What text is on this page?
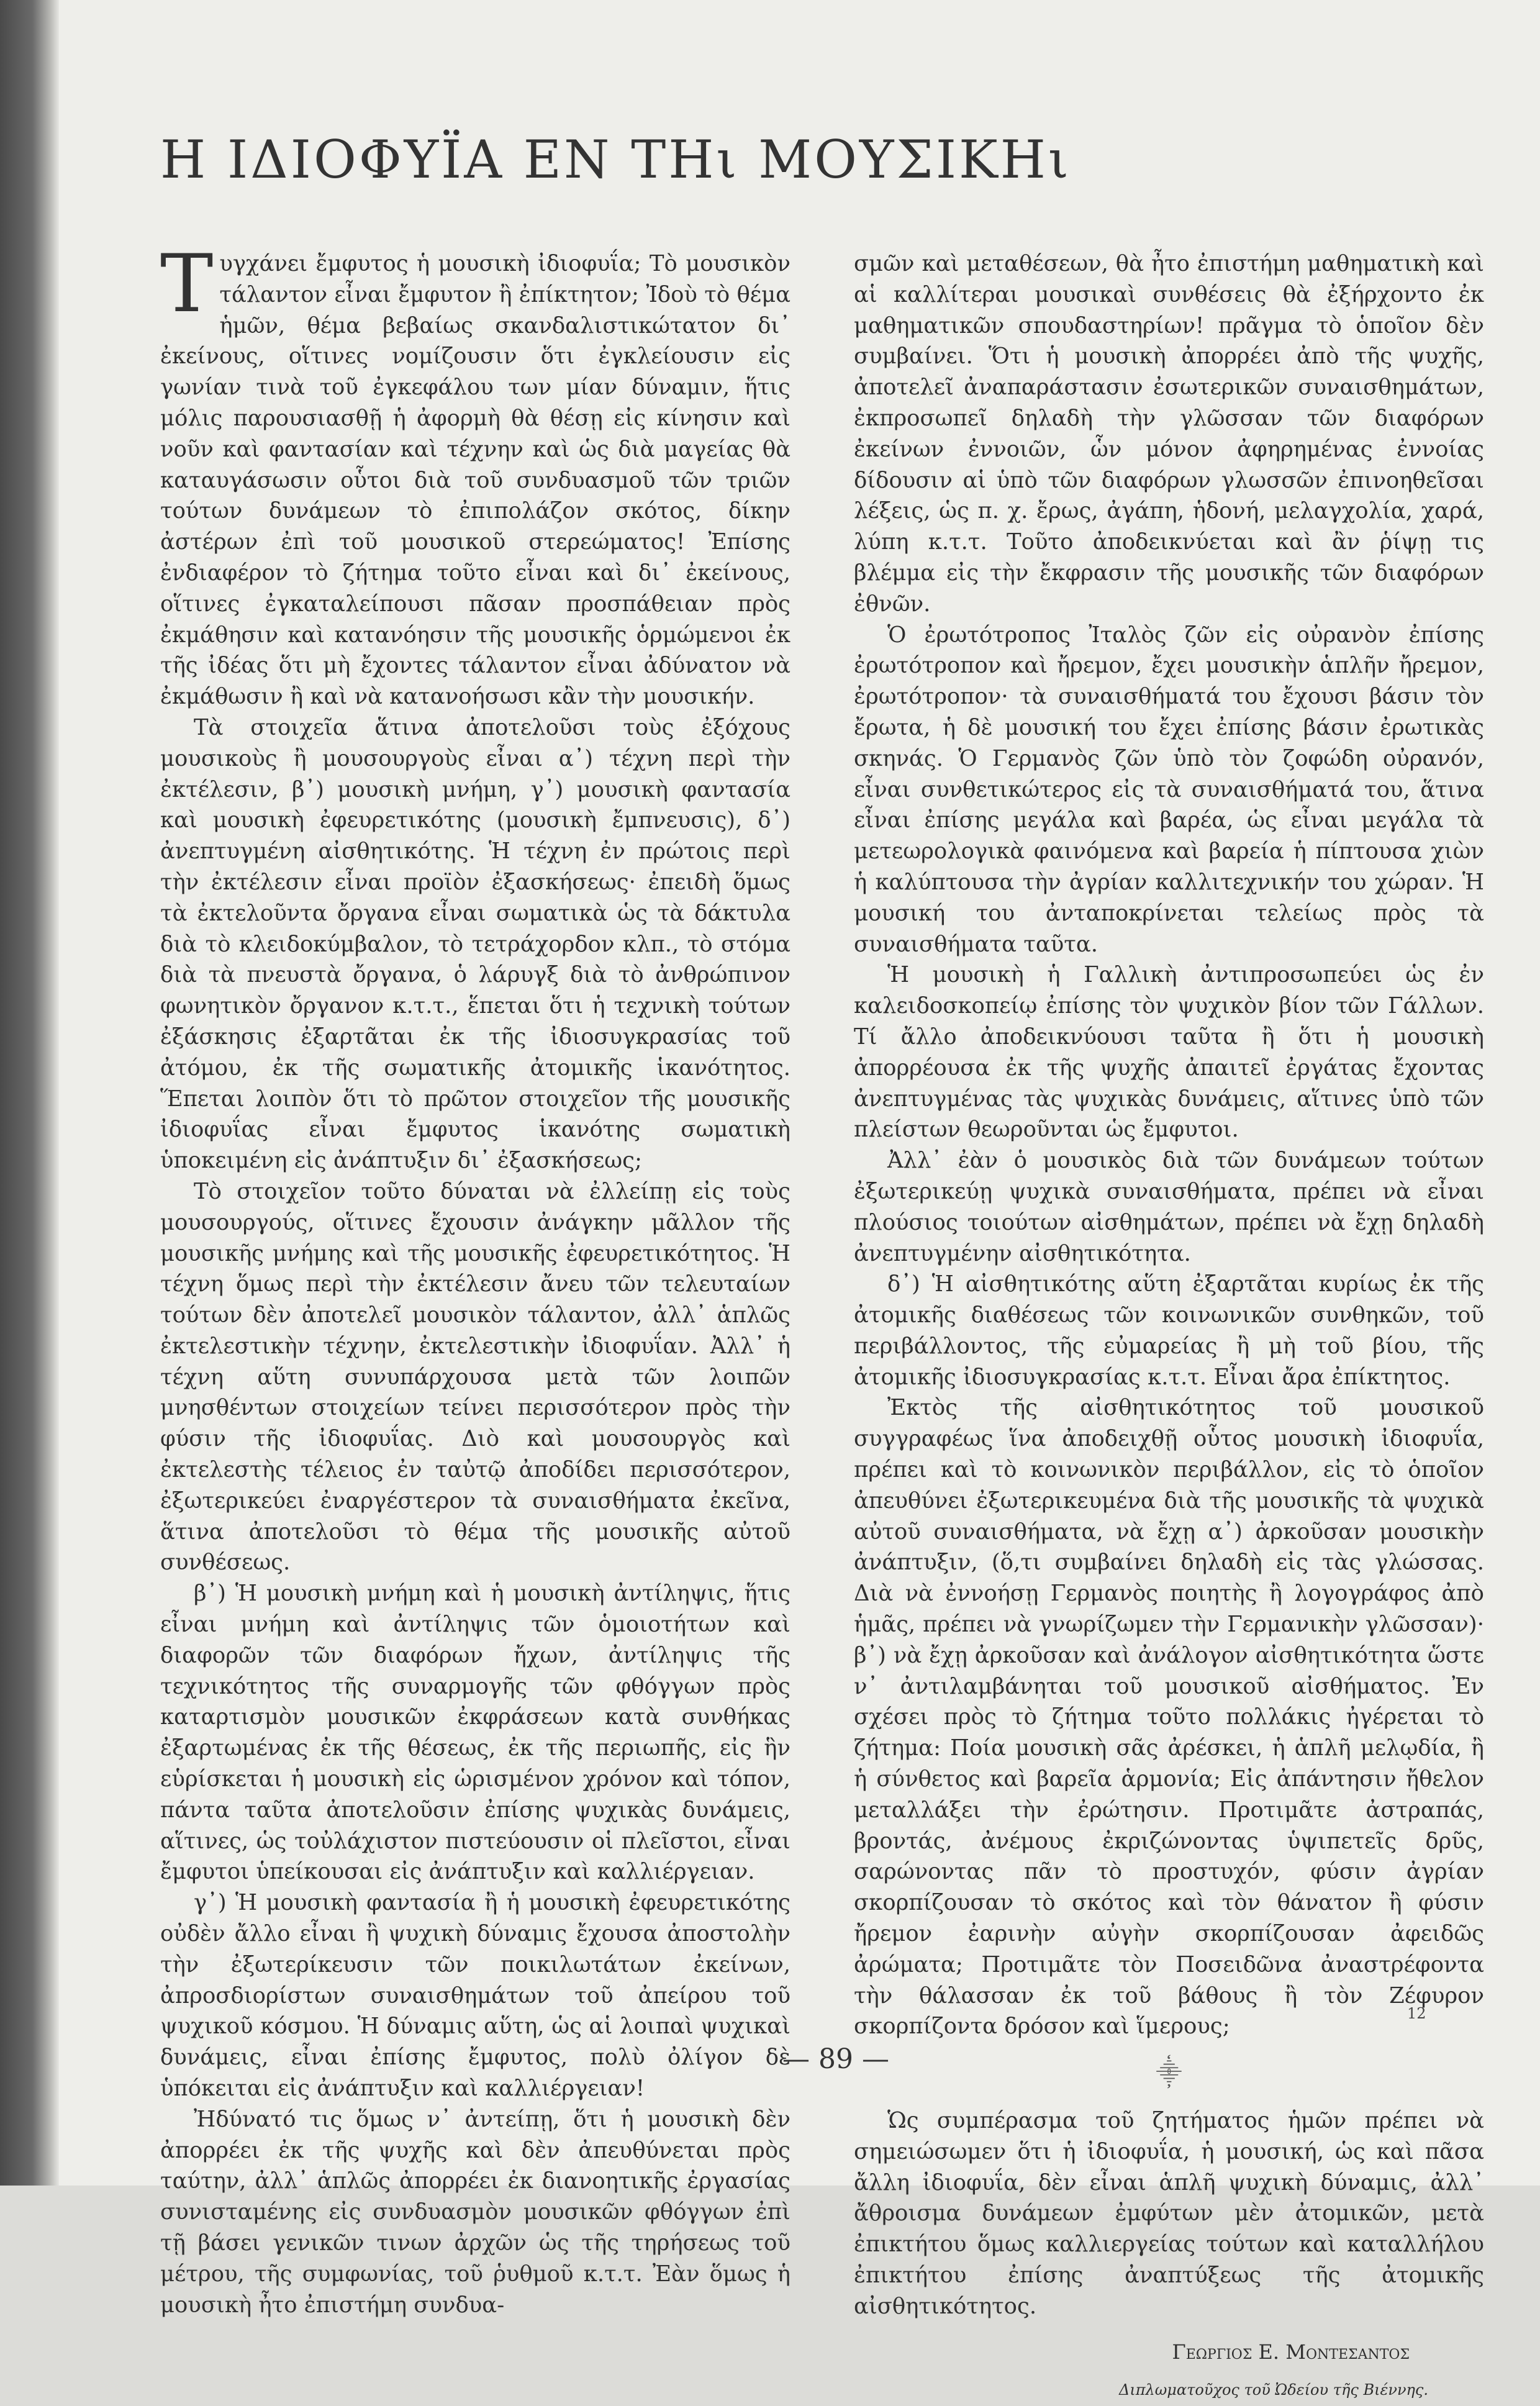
Η ΙΔΙΟΦΥΪΑ ΕΝ ΤΗι ΜΟΥΣΙΚΗι

Τυγχάνει ἔμφυτος ἡ μουσικὴ ἰδιοφυΐα; Τὸ μουσικὸν τάλαντον εἶναι ἔμφυτον ἢ ἐπίκτητον; Ἰδοὺ τὸ θέμα ἡμῶν, θέμα βεβαίως σκανδαλιστικώτατον δι᾿ ἐκείνους, οἵτινες νομίζουσιν ὅτι ἐγκλείουσιν εἰς γωνίαν τινὰ τοῦ ἐγκεφάλου των μίαν δύναμιν, ἥτις μόλις παρουσιασθῇ ἡ ἀφορμὴ θὰ θέσῃ εἰς κίνησιν καὶ νοῦν καὶ φαντασίαν καὶ τέχνην καὶ ὡς διὰ μαγείας θὰ καταυγάσωσιν οὗτοι διὰ τοῦ συνδυασμοῦ τῶν τριῶν τούτων δυνάμεων τὸ ἐπιπολάζον σκότος, δίκην ἀστέρων ἐπὶ τοῦ μουσικοῦ στερεώματος! Ἐπίσης ἐνδιαφέρον τὸ ζήτημα τοῦτο εἶναι καὶ δι᾿ ἐκείνους, οἵτινες ἐγκαταλείπουσι πᾶσαν προσπάθειαν πρὸς ἐκμάθησιν καὶ κατανόησιν τῆς μουσικῆς ὁρμώμενοι ἐκ τῆς ἰδέας ὅτι μὴ ἔχοντες τάλαντον εἶναι ἀδύνατον νὰ ἐκμάθωσιν ἢ καὶ νὰ κατανοήσωσι κἂν τὴν μουσικήν.

Τὰ στοιχεῖα ἅτινα ἀποτελοῦσι τοὺς ἐξόχους μουσικοὺς ἢ μουσουργοὺς εἶναι α᾿) τέχνη περὶ τὴν ἐκτέλεσιν, β᾿) μουσικὴ μνήμη, γ᾿) μουσικὴ φαντασία καὶ μουσικὴ ἐφευρετικότης (μουσικὴ ἔμπνευσις), δ᾿) ἀνεπτυγμένη αἰσθητικότης. Ἡ τέχνη ἐν πρώτοις περὶ τὴν ἐκτέλεσιν εἶναι προϊὸν ἐξασκήσεως· ἐπειδὴ ὅμως τὰ ἐκτελοῦντα ὄργανα εἶναι σωματικὰ ὡς τὰ δάκτυλα διὰ τὸ κλειδοκύμβαλον, τὸ τετράχορδον κλπ., τὸ στόμα διὰ τὰ πνευστὰ ὄργανα, ὁ λάρυγξ διὰ τὸ ἀνθρώπινον φωνητικὸν ὄργανον κ.τ.τ., ἕπεται ὅτι ἡ τεχνικὴ τούτων ἐξάσκησις ἐξαρτᾶται ἐκ τῆς ἰδιοσυγκρασίας τοῦ ἀτόμου, ἐκ τῆς σωματικῆς ἀτομικῆς ἱκανότητος. Ἕπεται λοιπὸν ὅτι τὸ πρῶτον στοιχεῖον τῆς μουσικῆς ἰδιοφυΐας εἶναι ἔμφυτος ἱκανότης σωματικὴ ὑποκειμένη εἰς ἀνάπτυξιν δι᾿ ἐξασκήσεως;

Τὸ στοιχεῖον τοῦτο δύναται νὰ ἐλλείπῃ εἰς τοὺς μουσουργούς, οἵτινες ἔχουσιν ἀνάγκην μᾶλλον τῆς μουσικῆς μνήμης καὶ τῆς μουσικῆς ἐφευρετικότητος. Ἡ τέχνη ὅμως περὶ τὴν ἐκτέλεσιν ἄνευ τῶν τελευταίων τούτων δὲν ἀποτελεῖ μουσικὸν τάλαντον, ἀλλ᾿ ἁπλῶς ἐκτελεστικὴν τέχνην, ἐκτελεστικὴν ἰδιοφυΐαν. Ἀλλ᾿ ἡ τέχνη αὕτη συνυπάρχουσα μετὰ τῶν λοιπῶν μνησθέντων στοιχείων τείνει περισσότερον πρὸς τὴν φύσιν τῆς ἰδιοφυΐας. Διὸ καὶ μουσουργὸς καὶ ἐκτελεστὴς τέλειος ἐν ταὐτῷ ἀποδίδει περισσότερον, ἐξωτερικεύει ἐναργέστερον τὰ συναισθήματα ἐκεῖνα, ἅτινα ἀποτελοῦσι τὸ θέμα τῆς μουσικῆς αὐτοῦ συνθέσεως.

β᾿) Ἡ μουσικὴ μνήμη καὶ ἡ μουσικὴ ἀντίληψις, ἥτις εἶναι μνήμη καὶ ἀντίληψις τῶν ὁμοιοτήτων καὶ διαφορῶν τῶν διαφόρων ἤχων, ἀντίληψις τῆς τεχνικότητος τῆς συναρμογῆς τῶν φθόγγων πρὸς καταρτισμὸν μουσικῶν ἐκφράσεων κατὰ συνθήκας ἐξαρτωμένας ἐκ τῆς θέσεως, ἐκ τῆς περιωπῆς, εἰς ἣν εὑρίσκεται ἡ μουσικὴ εἰς ὡρισμένον χρόνον καὶ τόπον, πάντα ταῦτα ἀποτελοῦσιν ἐπίσης ψυχικὰς δυνάμεις, αἵτινες, ὡς τοὐλάχιστον πιστεύουσιν οἱ πλεῖστοι, εἶναι ἔμφυτοι ὑπείκουσαι εἰς ἀνάπτυξιν καὶ καλλιέργειαν.

γ᾿) Ἡ μουσικὴ φαντασία ἢ ἡ μουσικὴ ἐφευρετικότης οὐδὲν ἄλλο εἶναι ἢ ψυχικὴ δύναμις ἔχουσα ἀποστολὴν τὴν ἐξωτερίκευσιν τῶν ποικιλωτάτων ἐκείνων, ἀπροσδιορίστων συναισθημάτων τοῦ ἀπείρου τοῦ ψυχικοῦ κόσμου. Ἡ δύναμις αὕτη, ὡς αἱ λοιπαὶ ψυχικαὶ δυνάμεις, εἶναι ἐπίσης ἔμφυτος, πολὺ ὀλίγον δὲ ὑπόκειται εἰς ἀνάπτυξιν καὶ καλλιέργειαν!

Ἠδύνατό τις ὅμως ν᾿ ἀντείπῃ, ὅτι ἡ μουσικὴ δὲν ἀπορρέει ἐκ τῆς ψυχῆς καὶ δὲν ἀπευθύνεται πρὸς ταύτην, ἀλλ᾿ ἁπλῶς ἀπορρέει ἐκ διανοητικῆς ἐργασίας συνισταμένης εἰς συνδυασμὸν μουσικῶν φθόγγων ἐπὶ τῇ βάσει γενικῶν τινων ἀρχῶν ὡς τῆς τηρήσεως τοῦ μέτρου, τῆς συμφωνίας, τοῦ ῥυθμοῦ κ.τ.τ. Ἐὰν ὅμως ἡ μουσικὴ ἦτο ἐπιστήμη συνδυα-

σμῶν καὶ μεταθέσεων, θὰ ἦτο ἐπιστήμη μαθηματικὴ καὶ αἱ καλλίτεραι μουσικαὶ συνθέσεις θὰ ἐξήρχοντο ἐκ μαθηματικῶν σπουδαστηρίων! πρᾶγμα τὸ ὁποῖον δὲν συμβαίνει. Ὅτι ἡ μουσικὴ ἀπορρέει ἀπὸ τῆς ψυχῆς, ἀποτελεῖ ἀναπαράστασιν ἐσωτερικῶν συναισθημάτων, ἐκπροσωπεῖ δηλαδὴ τὴν γλῶσσαν τῶν διαφόρων ἐκείνων ἐννοιῶν, ὧν μόνον ἀφηρημένας ἐννοίας δίδουσιν αἱ ὑπὸ τῶν διαφόρων γλωσσῶν ἐπινοηθεῖσαι λέξεις, ὡς π. χ. ἔρως, ἀγάπη, ἡδονή, μελαγχολία, χαρά, λύπη κ.τ.τ. Τοῦτο ἀποδεικνύεται καὶ ἂν ῥίψῃ τις βλέμμα εἰς τὴν ἔκφρασιν τῆς μουσικῆς τῶν διαφόρων ἐθνῶν.

Ὁ ἐρωτότροπος Ἰταλὸς ζῶν εἰς οὐρανὸν ἐπίσης ἐρωτότροπον καὶ ἤρεμον, ἔχει μουσικὴν ἁπλῆν ἤρεμον, ἐρωτότροπον· τὰ συναισθήματά του ἔχουσι βάσιν τὸν ἔρωτα, ἡ δὲ μουσική του ἔχει ἐπίσης βάσιν ἐρωτικὰς σκηνάς. Ὁ Γερμανὸς ζῶν ὑπὸ τὸν ζοφώδη οὐρανόν, εἶναι συνθετικώτερος εἰς τὰ συναισθήματά του, ἅτινα εἶναι ἐπίσης μεγάλα καὶ βαρέα, ὡς εἶναι μεγάλα τὰ μετεωρολογικὰ φαινόμενα καὶ βαρεία ἡ πίπτουσα χιὼν ἡ καλύπτουσα τὴν ἀγρίαν καλλιτεχνικήν του χώραν. Ἡ μουσική του ἀνταποκρίνεται τελείως πρὸς τὰ συναισθήματα ταῦτα.

Ἡ μουσικὴ ἡ Γαλλικὴ ἀντιπροσωπεύει ὡς ἐν καλειδοσκοπείῳ ἐπίσης τὸν ψυχικὸν βίον τῶν Γάλλων. Τί ἄλλο ἀποδεικνύουσι ταῦτα ἢ ὅτι ἡ μουσικὴ ἀπορρέουσα ἐκ τῆς ψυχῆς ἀπαιτεῖ ἐργάτας ἔχοντας ἀνεπτυγμένας τὰς ψυχικὰς δυνάμεις, αἵτινες ὑπὸ τῶν πλείστων θεωροῦνται ὡς ἔμφυτοι.

Ἀλλ᾿ ἐὰν ὁ μουσικὸς διὰ τῶν δυνάμεων τούτων ἐξωτερικεύῃ ψυχικὰ συναισθήματα, πρέπει νὰ εἶναι πλούσιος τοιούτων αἰσθημάτων, πρέπει νὰ ἔχῃ δηλαδὴ ἀνεπτυγμένην αἰσθητικότητα.

δ᾿) Ἡ αἰσθητικότης αὕτη ἐξαρτᾶται κυρίως ἐκ τῆς ἀτομικῆς διαθέσεως τῶν κοινωνικῶν συνθηκῶν, τοῦ περιβάλλοντος, τῆς εὐμαρείας ἢ μὴ τοῦ βίου, τῆς ἀτομικῆς ἰδιοσυγκρασίας κ.τ.τ. Εἶναι ἄρα ἐπίκτητος.

Ἐκτὸς τῆς αἰσθητικότητος τοῦ μουσικοῦ συγγραφέως ἵνα ἀποδειχθῇ οὗτος μουσικὴ ἰδιοφυΐα, πρέπει καὶ τὸ κοινωνικὸν περιβάλλον, εἰς τὸ ὁποῖον ἀπευθύνει ἐξωτερικευμένα διὰ τῆς μουσικῆς τὰ ψυχικὰ αὐτοῦ συναισθήματα, νὰ ἔχῃ α᾿) ἀρκοῦσαν μουσικὴν ἀνάπτυξιν, (ὅ,τι συμβαίνει δηλαδὴ εἰς τὰς γλώσσας. Διὰ νὰ ἐννοήσῃ Γερμανὸς ποιητὴς ἢ λογογράφος ἀπὸ ἡμᾶς, πρέπει νὰ γνωρίζωμεν τὴν Γερμανικὴν γλῶσσαν)· β᾿) νὰ ἔχῃ ἀρκοῦσαν καὶ ἀνάλογον αἰσθητικότητα ὥστε ν᾿ ἀντιλαμβάνηται τοῦ μουσικοῦ αἰσθήματος. Ἐν σχέσει πρὸς τὸ ζήτημα τοῦτο πολλάκις ἠγέρεται τὸ ζήτημα: Ποία μουσικὴ σᾶς ἀρέσκει, ἡ ἁπλῆ μελῳδία, ἢ ἡ σύνθετος καὶ βαρεῖα ἁρμονία; Εἰς ἀπάντησιν ἤθελον μεταλλάξει τὴν ἐρώτησιν. Προτιμᾶτε ἀστραπάς, βροντάς, ἀνέμους ἐκριζώνοντας ὑψιπετεῖς δρῦς, σαρώνοντας πᾶν τὸ προστυχόν, φύσιν ἀγρίαν σκορπίζουσαν τὸ σκότος καὶ τὸν θάνατον ἢ φύσιν ἤρεμον ἐαρινὴν αὐγὴν σκορπίζουσαν ἀφειδῶς ἀρώματα; Προτιμᾶτε τὸν Ποσειδῶνα ἀναστρέφοντα τὴν θάλασσαν ἐκ τοῦ βάθους ἢ τὸν Ζέφυρον σκορπίζοντα δρόσον καὶ ἵμερους;

⸎

Ὡς συμπέρασμα τοῦ ζητήματος ἡμῶν πρέπει νὰ σημειώσωμεν ὅτι ἡ ἰδιοφυΐα, ἡ μουσική, ὡς καὶ πᾶσα ἄλλη ἰδιοφυΐα, δὲν εἶναι ἁπλῆ ψυχικὴ δύναμις, ἀλλ᾿ ἄθροισμα δυνάμεων ἐμφύτων μὲν ἀτομικῶν, μετὰ ἐπικτήτου ὅμως καλλιεργείας τούτων καὶ καταλλήλου ἐπικτήτου ἐπίσης ἀναπτύξεως τῆς ἀτομικῆς αἰσθητικότητος.

Γεωργιος Ε. Μοντεσαντος
Διπλωματοῦχος τοῦ Ὠδείου τῆς Βιέννης.
12
— 89 —
